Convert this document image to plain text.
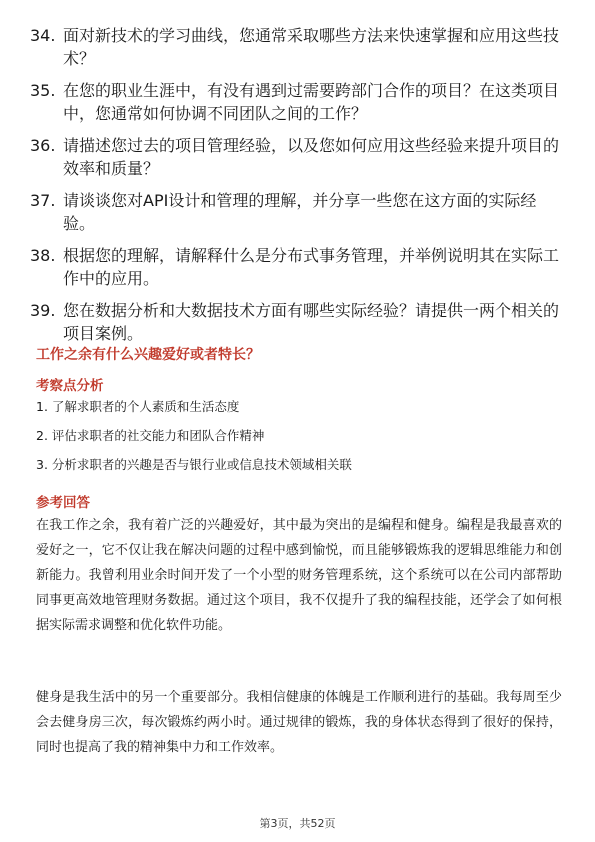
34. 面对新技术的学习曲线，您通常采取哪些方法来快速掌握和应用这些技术？
35. 在您的职业生涯中，有没有遇到过需要跨部门合作的项目？在这类项目中，您通常如何协调不同团队之间的工作？
36. 请描述您过去的项目管理经验，以及您如何应用这些经验来提升项目的效率和质量？
37. 请谈谈您对API设计和管理的理解，并分享一些您在这方面的实际经验。
38. 根据您的理解，请解释什么是分布式事务管理，并举例说明其在实际工作中的应用。
39. 您在数据分析和大数据技术方面有哪些实际经验？请提供一两个相关的项目案例。
工作之余有什么兴趣爱好或者特长？
考察点分析
1. 了解求职者的个人素质和生活态度
2. 评估求职者的社交能力和团队合作精神
3. 分析求职者的兴趣是否与银行业或信息技术领域相关联
参考回答
在我工作之余，我有着广泛的兴趣爱好，其中最为突出的是编程和健身。编程是我最喜欢的爱好之一，它不仅让我在解决问题的过程中感到愉悦，而且能够锻炼我的逻辑思维能力和创新能力。我曾利用业余时间开发了一个小型的财务管理系统，这个系统可以在公司内部帮助同事更高效地管理财务数据。通过这个项目，我不仅提升了我的编程技能，还学会了如何根据实际需求调整和优化软件功能。
健身是我生活中的另一个重要部分。我相信健康的体魄是工作顺利进行的基础。我每周至少会去健身房三次，每次锻炼约两小时。通过规律的锻炼，我的身体状态得到了很好的保持，同时也提高了我的精神集中力和工作效率。
第3页，共52页
